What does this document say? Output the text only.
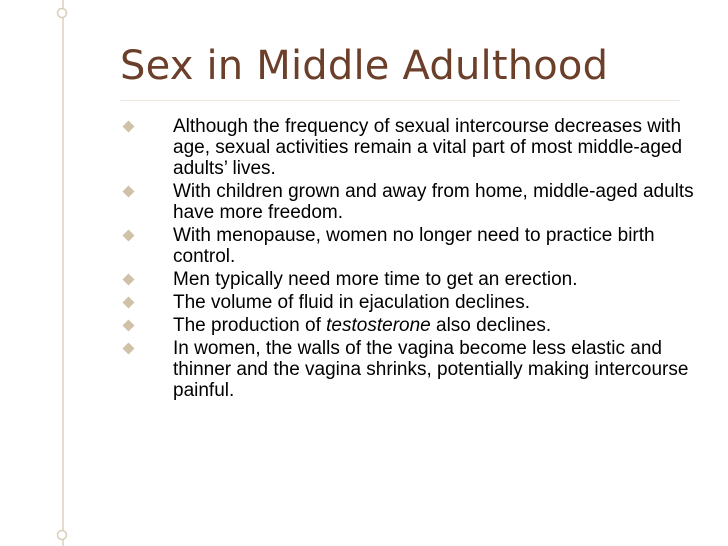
Sex in Middle Adulthood
Although the frequency of sexual intercourse decreases with age, sexual activities remain a vital part of most middle-aged adults’ lives.
With children grown and away from home, middle-aged adults have more freedom.
With menopause, women no longer need to practice birth control.
Men typically need more time to get an erection.
The volume of fluid in ejaculation declines.
The production of testosterone also declines.
In women, the walls of the vagina become less elastic and thinner and the vagina shrinks, potentially making intercourse painful.
